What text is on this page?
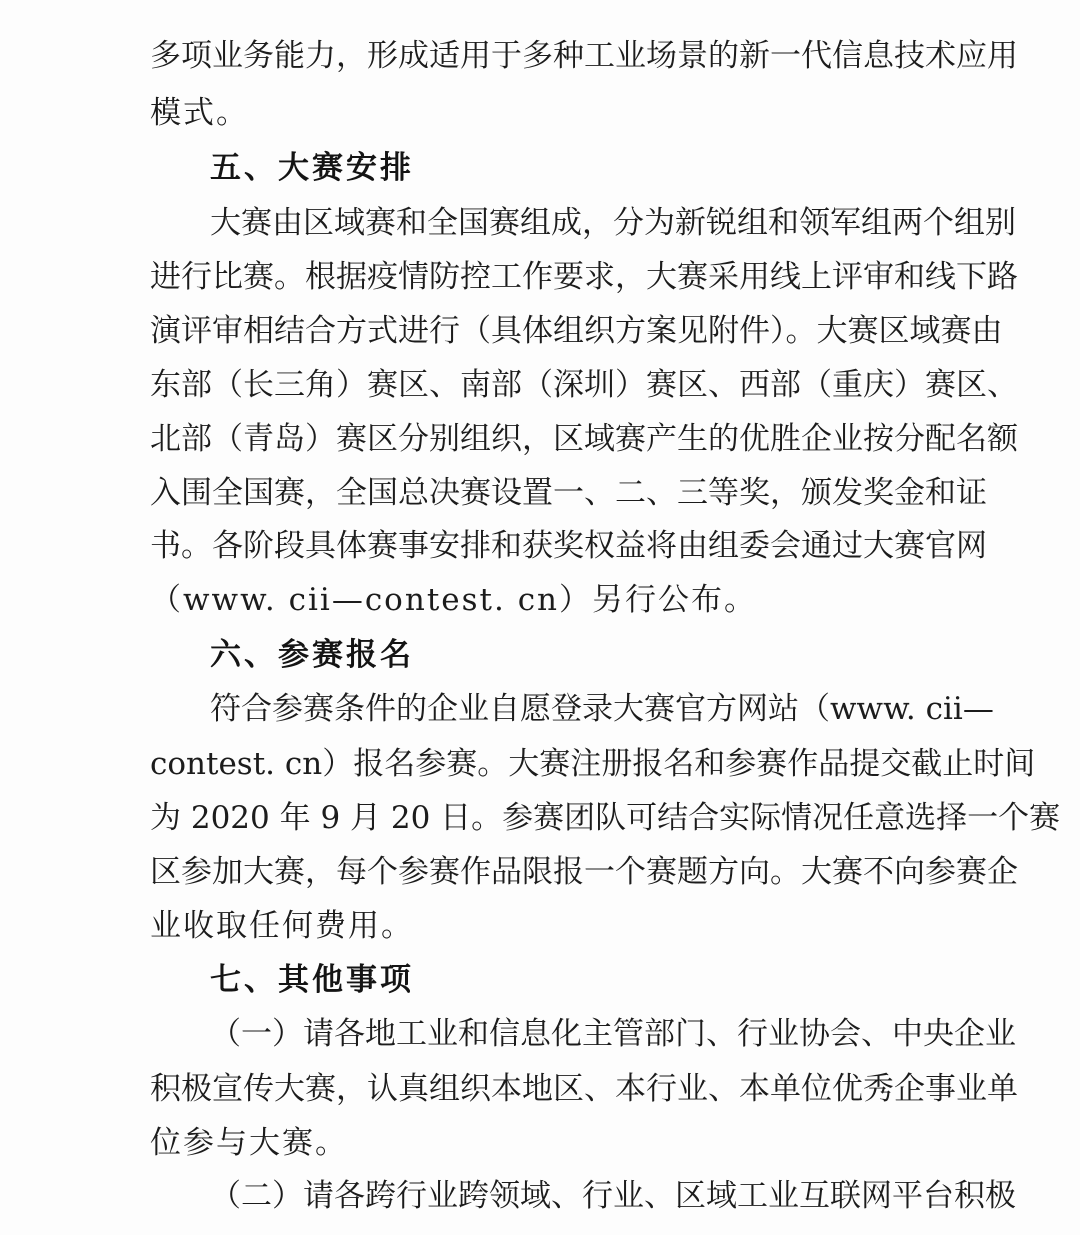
多项业务能力，形成适用于多种工业场景的新一代信息技术应用
模式。
五、大赛安排
大赛由区域赛和全国赛组成，分为新锐组和领军组两个组别
进行比赛。根据疫情防控工作要求，大赛采用线上评审和线下路
演评审相结合方式进行（具体组织方案见附件）。大赛区域赛由
东部（长三角）赛区、南部（深圳）赛区、西部（重庆）赛区、
北部（青岛）赛区分别组织，区域赛产生的优胜企业按分配名额
入围全国赛，全国总决赛设置一、二、三等奖，颁发奖金和证
书。各阶段具体赛事安排和获奖权益将由组委会通过大赛官网
（www. cii—contest. cn）另行公布。
六、参赛报名
符合参赛条件的企业自愿登录大赛官方网站（www. cii—
contest. cn）报名参赛。大赛注册报名和参赛作品提交截止时间
为 2020 年 9 月 20 日。参赛团队可结合实际情况任意选择一个赛
区参加大赛，每个参赛作品限报一个赛题方向。大赛不向参赛企
业收取任何费用。
七、其他事项
（一）请各地工业和信息化主管部门、行业协会、中央企业
积极宣传大赛，认真组织本地区、本行业、本单位优秀企事业单
位参与大赛。
（二）请各跨行业跨领域、行业、区域工业互联网平台积极
